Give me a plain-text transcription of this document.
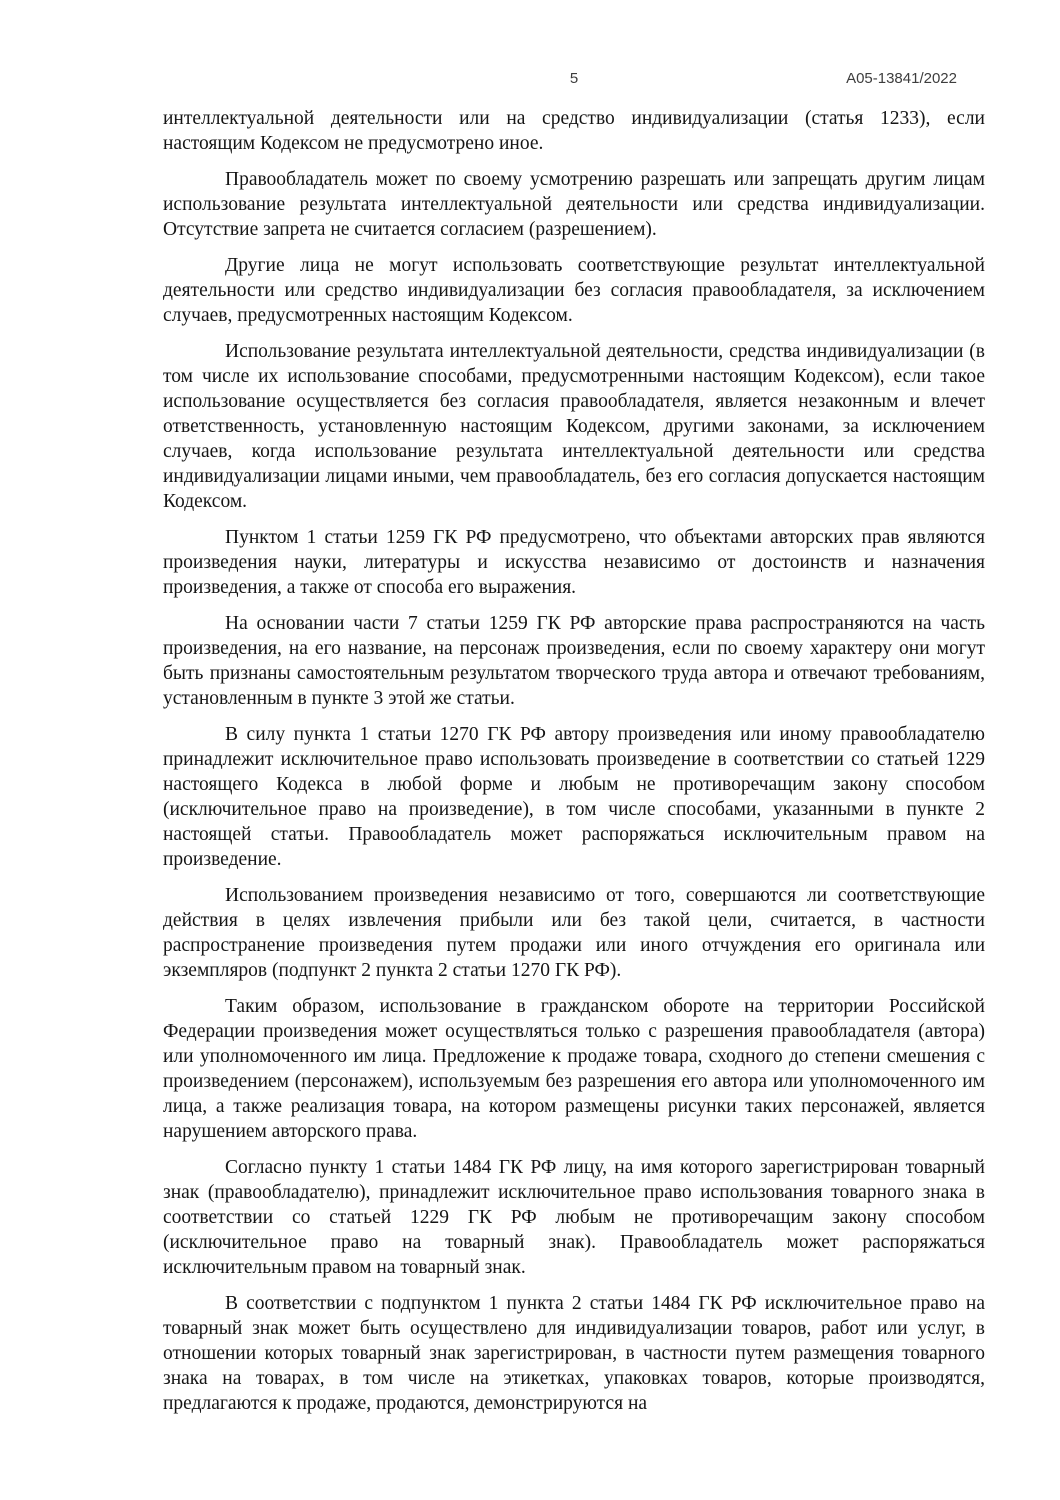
5	А05-13841/2022

интеллектуальной деятельности или на средство индивидуализации (статья 1233), если настоящим Кодексом не предусмотрено иное.

Правообладатель может по своему усмотрению разрешать или запрещать другим лицам использование результата интеллектуальной деятельности или средства индивидуализации. Отсутствие запрета не считается согласием (разрешением).

Другие лица не могут использовать соответствующие результат интеллектуальной деятельности или средство индивидуализации без согласия правообладателя, за исключением случаев, предусмотренных настоящим Кодексом.

Использование результата интеллектуальной деятельности, средства индивидуализации (в том числе их использование способами, предусмотренными настоящим Кодексом), если такое использование осуществляется без согласия правообладателя, является незаконным и влечет ответственность, установленную настоящим Кодексом, другими законами, за исключением случаев, когда использование результата интеллектуальной деятельности или средства индивидуализации лицами иными, чем правообладатель, без его согласия допускается настоящим Кодексом.

Пунктом 1 статьи 1259 ГК РФ предусмотрено, что объектами авторских прав являются произведения науки, литературы и искусства независимо от достоинств и назначения произведения, а также от способа его выражения.

На основании части 7 статьи 1259 ГК РФ авторские права распространяются на часть произведения, на его название, на персонаж произведения, если по своему характеру они могут быть признаны самостоятельным результатом творческого труда автора и отвечают требованиям, установленным в пункте 3 этой же статьи.

В силу пункта 1 статьи 1270 ГК РФ автору произведения или иному правообладателю принадлежит исключительное право использовать произведение в соответствии со статьей 1229 настоящего Кодекса в любой форме и любым не противоречащим закону способом (исключительное право на произведение), в том числе способами, указанными в пункте 2 настоящей статьи. Правообладатель может распоряжаться исключительным правом на произведение.

Использованием произведения независимо от того, совершаются ли соответствующие действия в целях извлечения прибыли или без такой цели, считается, в частности распространение произведения путем продажи или иного отчуждения его оригинала или экземпляров (подпункт 2 пункта 2 статьи 1270 ГК РФ).

Таким образом, использование в гражданском обороте на территории Российской Федерации произведения может осуществляться только с разрешения правообладателя (автора) или уполномоченного им лица. Предложение к продаже товара, сходного до степени смешения с произведением (персонажем), используемым без разрешения его автора или уполномоченного им лица, а также реализация товара, на котором размещены рисунки таких персонажей, является нарушением авторского права.

Согласно пункту 1 статьи 1484 ГК РФ лицу, на имя которого зарегистрирован товарный знак (правообладателю), принадлежит исключительное право использования товарного знака в соответствии со статьей 1229 ГК РФ любым не противоречащим закону способом (исключительное право на товарный знак). Правообладатель может распоряжаться исключительным правом на товарный знак.

В соответствии с подпунктом 1 пункта 2 статьи 1484 ГК РФ исключительное право на товарный знак может быть осуществлено для индивидуализации товаров, работ или услуг, в отношении которых товарный знак зарегистрирован, в частности путем размещения товарного знака на товарах, в том числе на этикетках, упаковках товаров, которые производятся, предлагаются к продаже, продаются, демонстрируются на
